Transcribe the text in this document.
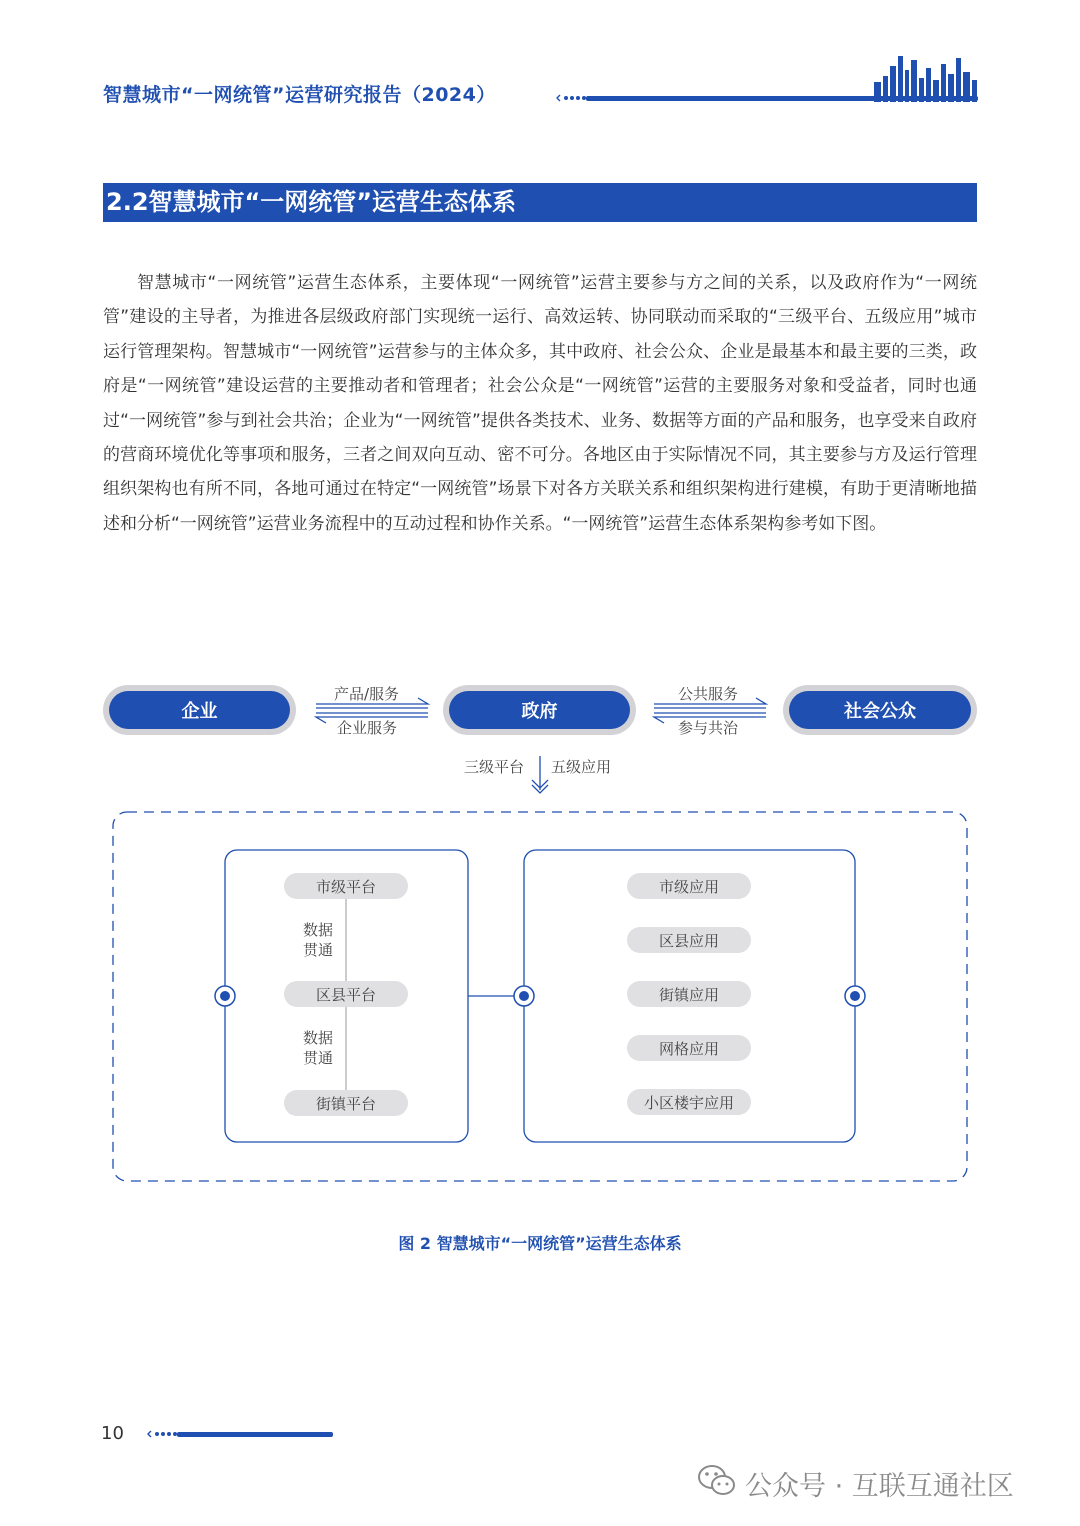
智慧城市“一网统管”运营研究报告（2024）
2.2智慧城市“一网统管”运营生态体系

智慧城市“一网统管”运营生态体系，主要体现“一网统管”运营主要参与方之间的关系，以及政府作为“一网统管”建设的主导者，为推进各层级政府部门实现统一运行、高效运转、协同联动而采取的“三级平台、五级应用”城市运行管理架构。智慧城市“一网统管”运营参与的主体众多，其中政府、社会公众、企业是最基本和最主要的三类，政府是“一网统管”建设运营的主要推动者和管理者；社会公众是“一网统管”运营的主要服务对象和受益者，同时也通过“一网统管”参与到社会共治；企业为“一网统管”提供各类技术、业务、数据等方面的产品和服务，也享受来自政府的营商环境优化等事项和服务，三者之间双向互动、密不可分。各地区由于实际情况不同，其主要参与方及运行管理组织架构也有所不同，各地可通过在特定“一网统管”场景下对各方关联关系和组织架构进行建模，有助于更清晰地描述和分析“一网统管”运营业务流程中的互动过程和协作关系。“一网统管”运营生态体系架构参考如下图。

企业	政府	社会公众
产品/服务
企业服务
公共服务
参与共治
三级平台 五级应用
市级平台
数据
贯通
区县平台
数据
贯通
街镇平台
市级应用
区县应用
街镇应用
网格应用
小区楼宇应用
图 2 智慧城市“一网统管”运营生态体系
10
公众号 · 互联互通社区
